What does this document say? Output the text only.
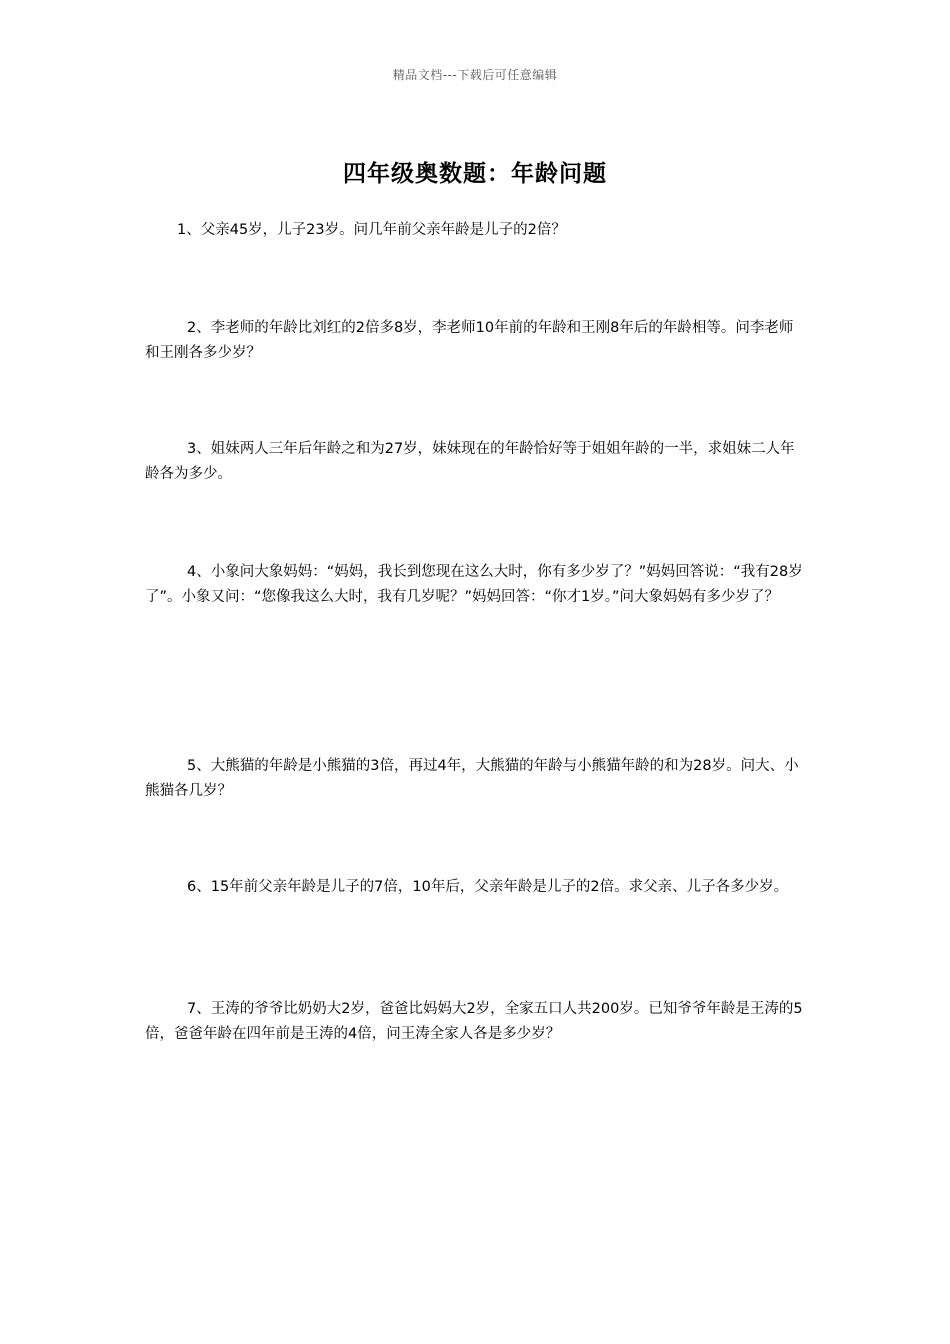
精品文档---下载后可任意编辑
四年级奥数题：年龄问题
1、父亲45岁，儿子23岁。问几年前父亲年龄是儿子的2倍？
2、李老师的年龄比刘红的2倍多8岁，李老师10年前的年龄和王刚8年后的年龄相等。问李老师和王刚各多少岁？
3、姐妹两人三年后年龄之和为27岁，妹妹现在的年龄恰好等于姐姐年龄的一半，求姐妹二人年龄各为多少。
4、小象问大象妈妈：“妈妈，我长到您现在这么大时，你有多少岁了？”妈妈回答说：“我有28岁了”。小象又问：“您像我这么大时，我有几岁呢？”妈妈回答：“你才1岁。”问大象妈妈有多少岁了？
5、大熊猫的年龄是小熊猫的3倍，再过4年，大熊猫的年龄与小熊猫年龄的和为28岁。问大、小熊猫各几岁？
6、15年前父亲年龄是儿子的7倍，10年后，父亲年龄是儿子的2倍。求父亲、儿子各多少岁。
7、王涛的爷爷比奶奶大2岁，爸爸比妈妈大2岁，全家五口人共200岁。已知爷爷年龄是王涛的5倍，爸爸年龄在四年前是王涛的4倍，问王涛全家人各是多少岁？
